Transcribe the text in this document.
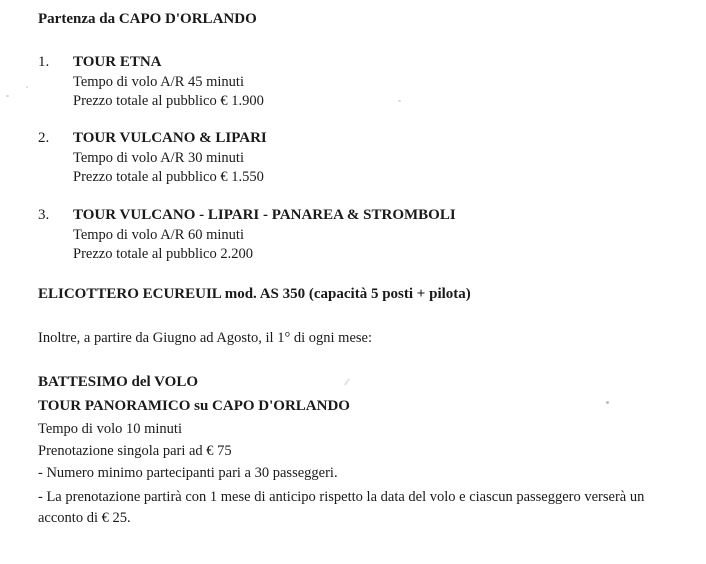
Partenza da CAPO D'ORLANDO
1. TOUR ETNA
Tempo di volo A/R 45 minuti
Prezzo totale al pubblico € 1.900
2. TOUR VULCANO & LIPARI
Tempo di volo A/R 30 minuti
Prezzo totale al pubblico € 1.550
3. TOUR VULCANO - LIPARI - PANAREA & STROMBOLI
Tempo di volo A/R 60 minuti
Prezzo totale al pubblico 2.200
ELICOTTERO ECUREUIL mod. AS 350 (capacità 5 posti + pilota)
Inoltre, a partire da Giugno ad Agosto, il 1° di ogni mese:
BATTESIMO del VOLO
TOUR PANORAMICO su CAPO D'ORLANDO
Tempo di volo 10 minuti
Prenotazione singola pari ad € 75
- Numero minimo partecipanti pari a 30 passeggeri.
- La prenotazione partirà con 1 mese di anticipo rispetto la data del volo e ciascun passeggero verserà un acconto di € 25.
